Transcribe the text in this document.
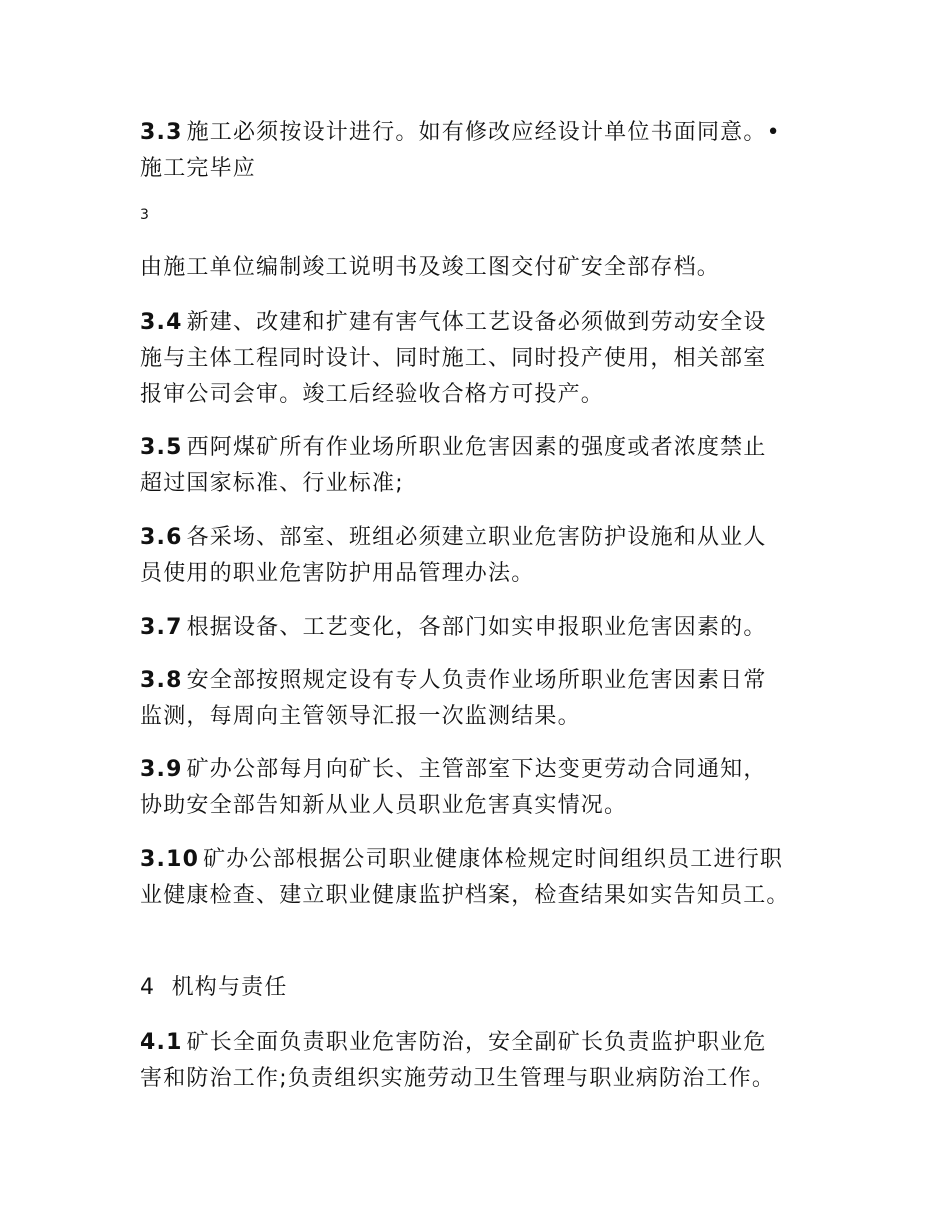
3.3 施工必须按设计进行。如有修改应经设计单位书面同意。•
施工完毕应

3

由施工单位编制竣工说明书及竣工图交付矿安全部存档。

3.4 新建、改建和扩建有害气体工艺设备必须做到劳动安全设
施与主体工程同时设计、同时施工、同时投产使用，相关部室
报审公司会审。竣工后经验收合格方可投产。

3.5 西阿煤矿所有作业场所职业危害因素的强度或者浓度禁止
超过国家标准、行业标准;

3.6 各采场、部室、班组必须建立职业危害防护设施和从业人
员使用的职业危害防护用品管理办法。

3.7 根据设备、工艺变化，各部门如实申报职业危害因素的。

3.8 安全部按照规定设有专人负责作业场所职业危害因素日常
监测，每周向主管领导汇报一次监测结果。

3.9 矿办公部每月向矿长、主管部室下达变更劳动合同通知，
协助安全部告知新从业人员职业危害真实情况。

3.10 矿办公部根据公司职业健康体检规定时间组织员工进行职
业健康检查、建立职业健康监护档案，检查结果如实告知员工。

4  机构与责任

4.1 矿长全面负责职业危害防治，安全副矿长负责监护职业危
害和防治工作;负责组织实施劳动卫生管理与职业病防治工作。
